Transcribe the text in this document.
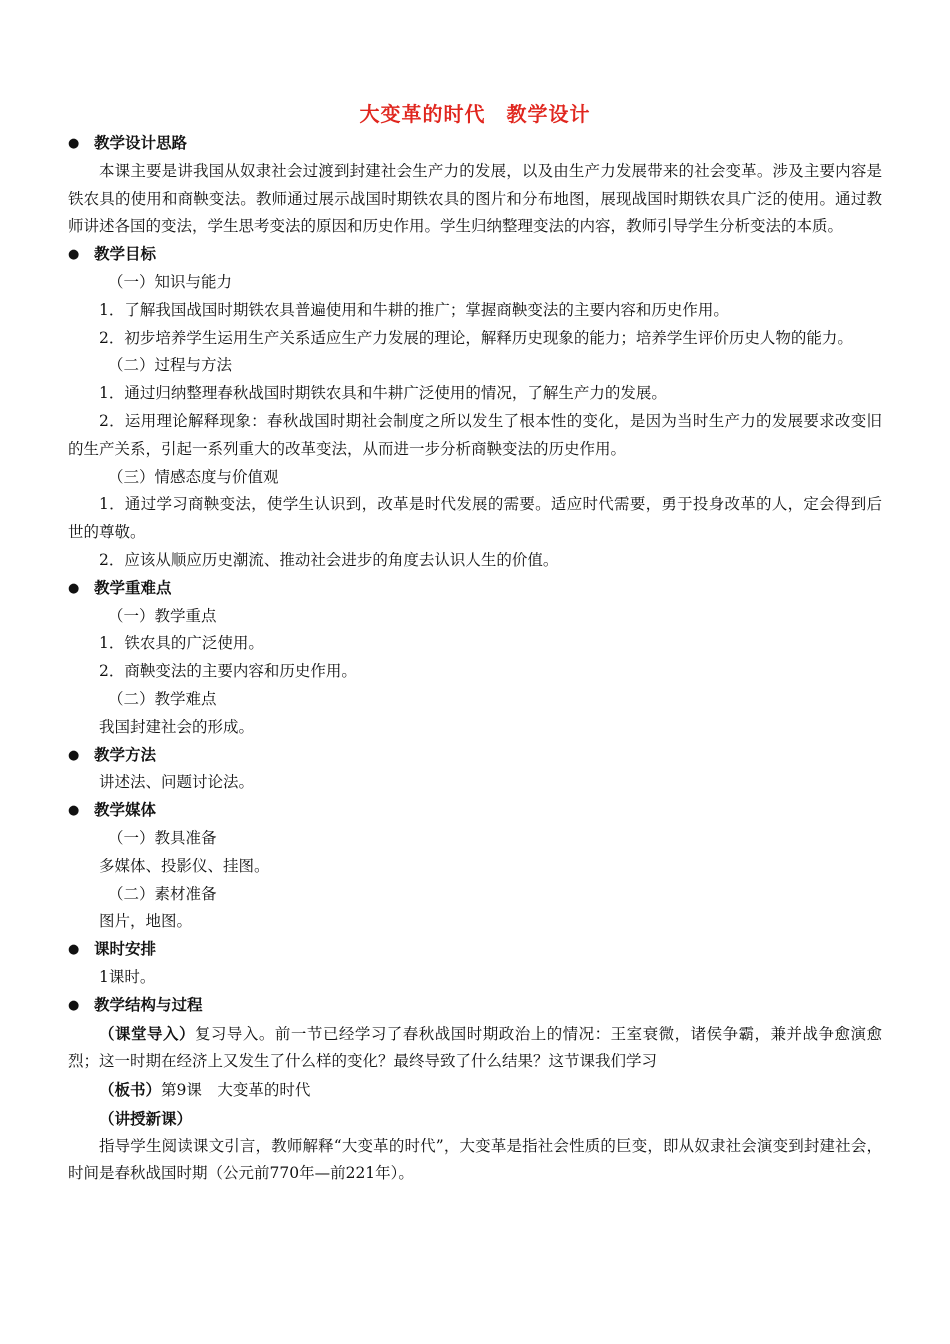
大变革的时代　教学设计
● 教学设计思路
本课主要是讲我国从奴隶社会过渡到封建社会生产力的发展，以及由生产力发展带来的社会变革。涉及主要内容是铁农具的使用和商鞅变法。教师通过展示战国时期铁农具的图片和分布地图，展现战国时期铁农具广泛的使用。通过教师讲述各国的变法，学生思考变法的原因和历史作用。学生归纳整理变法的内容，教师引导学生分析变法的本质。
● 教学目标
（一）知识与能力
1．了解我国战国时期铁农具普遍使用和牛耕的推广；掌握商鞅变法的主要内容和历史作用。
2．初步培养学生运用生产关系适应生产力发展的理论，解释历史现象的能力；培养学生评价历史人物的能力。
（二）过程与方法
1．通过归纳整理春秋战国时期铁农具和牛耕广泛使用的情况，了解生产力的发展。
2．运用理论解释现象：春秋战国时期社会制度之所以发生了根本性的变化，是因为当时生产力的发展要求改变旧的生产关系，引起一系列重大的改革变法，从而进一步分析商鞅变法的历史作用。
（三）情感态度与价值观
1．通过学习商鞅变法，使学生认识到，改革是时代发展的需要。适应时代需要，勇于投身改革的人，定会得到后世的尊敬。
2．应该从顺应历史潮流、推动社会进步的角度去认识人生的价值。
● 教学重难点
（一）教学重点
1．铁农具的广泛使用。
2．商鞅变法的主要内容和历史作用。
（二）教学难点
我国封建社会的形成。
● 教学方法
讲述法、问题讨论法。
● 教学媒体
（一）教具准备
多媒体、投影仪、挂图。
（二）素材准备
图片，地图。
● 课时安排
1课时。
● 教学结构与过程
（课堂导入）复习导入。前一节已经学习了春秋战国时期政治上的情况：王室衰微，诸侯争霸，兼并战争愈演愈烈；这一时期在经济上又发生了什么样的变化？最终导致了什么结果？这节课我们学习
（板书）第9课　大变革的时代
（讲授新课）
指导学生阅读课文引言，教师解释“大变革的时代”，大变革是指社会性质的巨变，即从奴隶社会演变到封建社会，时间是春秋战国时期（公元前770年—前221年）。
